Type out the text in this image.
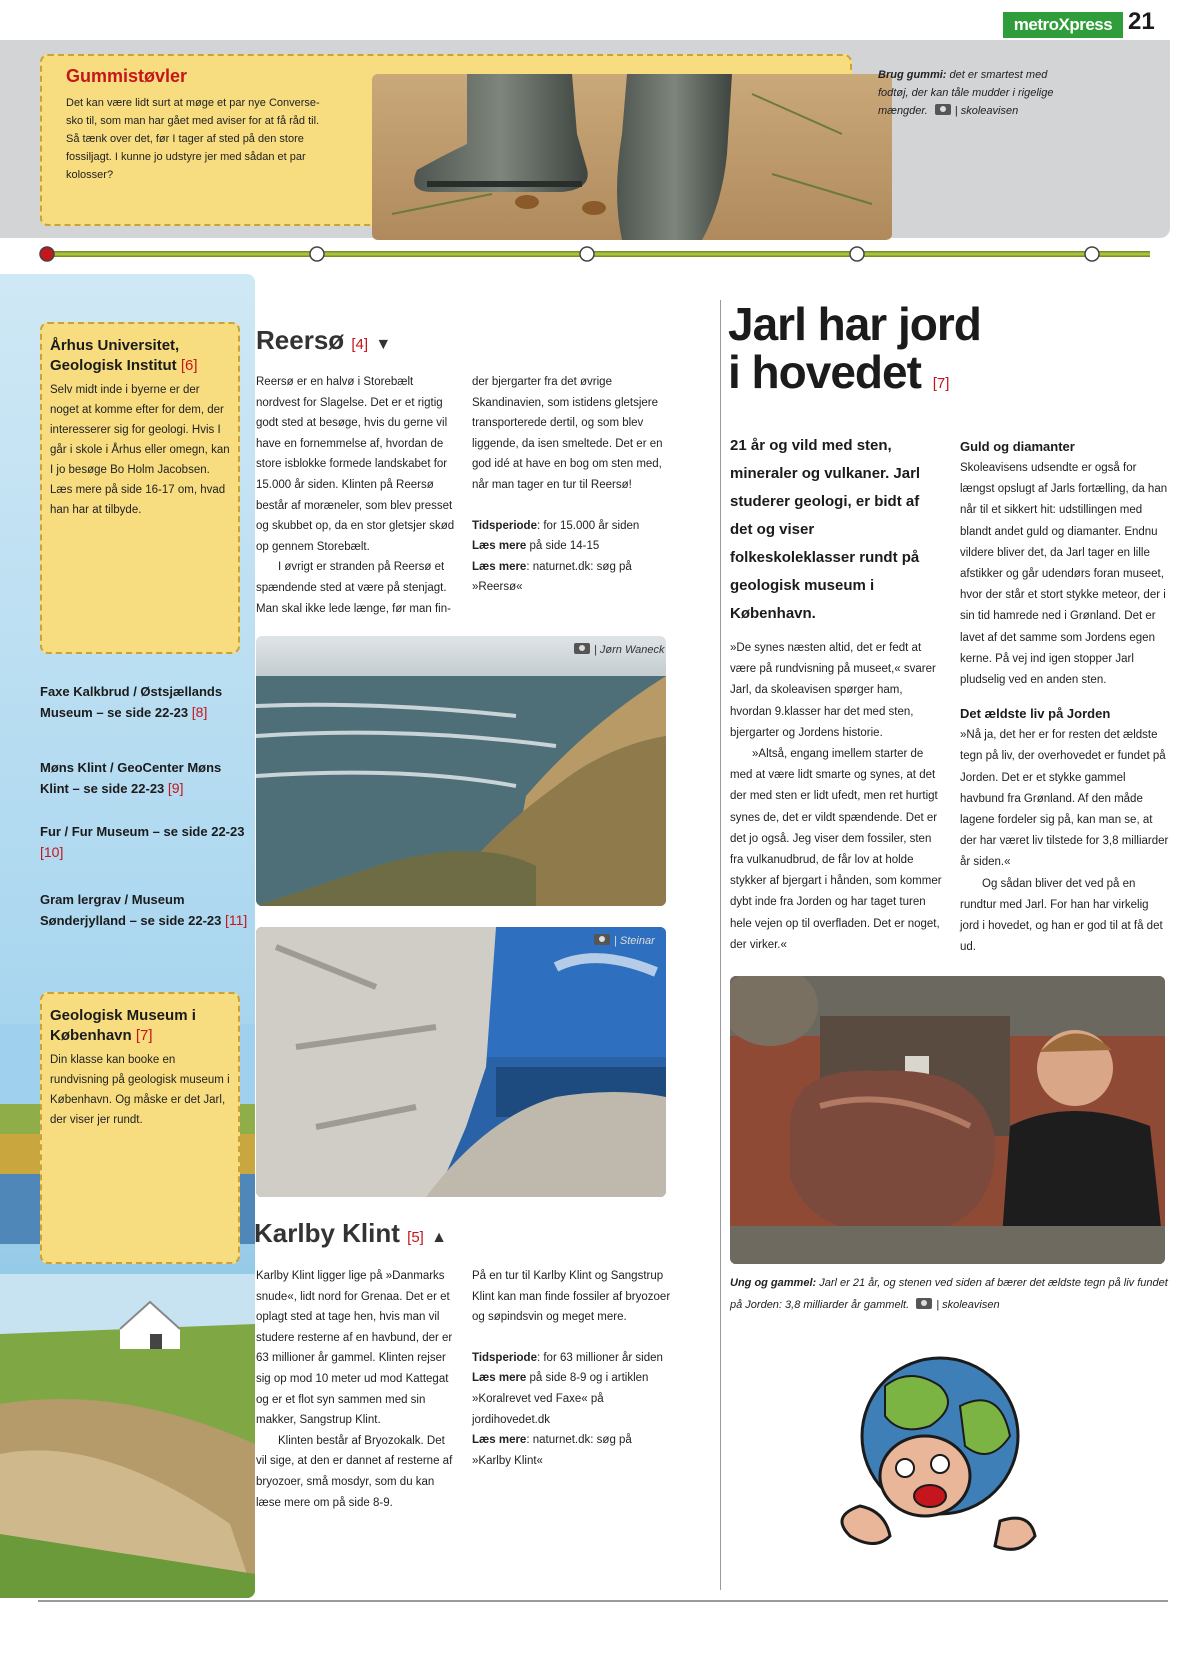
metroXpress 21
Gummistøvler
Det kan være lidt surt at møge et par nye Converse-sko til, som man har gået med aviser for at få råd til. Så tænk over det, før I tager af sted på den store fossiljagt. I kunne jo udstyre jer med sådan et par kolosser?
Brug gummi: det er smartest med fodtøj, der kan tåle mudder i rigelige mængder. | skoleavisen
Århus Universitet, Geologisk Institut [6]

Selv midt inde i byerne er der noget at komme efter for dem, der interesserer sig for geologi. Hvis I går i skole i Århus eller omegn, kan I jo besøge Bo Holm Jacobsen. Læs mere på side 16-17 om, hvad han har at tilbyde.

Faxe Kalkbrud / Østsjællands Museum – se side 22-23 [8]
Møns Klint / GeoCenter Møns Klint – se side 22-23 [9]
Fur / Fur Museum – se side 22-23 [10]
Gram lergrav / Museum Sønderjylland – se side 22-23 [11]
Geologisk Museum i København [7]

Din klasse kan booke en rundvisning på geologisk museum i København. Og måske er det Jarl, der viser jer rundt.

Reersø [4] ▼

Reersø er en halvø i Storebælt nordvest for Slagelse. Det er et rigtig godt sted at besøge, hvis du gerne vil have en fornemmelse af, hvordan de store isblokke formede landskabet for 15.000 år siden. Klinten på Reersø består af moræneler, som blev presset og skubbet op, da en stor gletsjer skød op gennem Storebælt.

I øvrigt er stranden på Reersø et spændende sted at være på stenjagt. Man skal ikke lede længe, før man fin-

der bjergarter fra det øvrige Skandinavien, som istidens gletsjere transporterede dertil, og som blev liggende, da isen smeltede. Det er en god idé at have en bog om sten med, når man tager en tur til Reersø!

Tidsperiode: for 15.000 år siden

Læs mere på side 14-15

Læs mere: naturnet.dk: søg på »Reersø«

| Jørn Waneck
| Steinar
Karlby Klint [5] ▲

Karlby Klint ligger lige på »Danmarks snude«, lidt nord for Grenaa. Det er et oplagt sted at tage hen, hvis man vil studere resterne af en havbund, der er 63 millioner år gammel. Klinten rejser sig op mod 10 meter ud mod Kattegat og er et flot syn sammen med sin makker, Sangstrup Klint.

Klinten består af Bryozokalk. Det vil sige, at den er dannet af resterne af bryozoer, små mosdyr, som du kan læse mere om på side 8-9.

På en tur til Karlby Klint og Sangstrup Klint kan man finde fossiler af bryozoer og søpindsvin og meget mere.

Tidsperiode: for 63 millioner år siden

Læs mere på side 8-9 og i artiklen »Koralrevet ved Faxe« på jordihovedet.dk

Læs mere: naturnet.dk: søg på »Karlby Klint«

Jarl har jord
i hovedet [7]
21 år og vild med sten, mineraler og vulkaner. Jarl studerer geologi, er bidt af det og viser folkeskoleklasser rundt på geologisk museum i København.

»De synes næsten altid, det er fedt at være på rundvisning på museet,« svarer Jarl, da skoleavisen spørger ham, hvordan 9.klasser har det med sten, bjergarter og Jordens historie.

»Altså, engang imellem starter de med at være lidt smarte og synes, at det der med sten er lidt ufedt, men ret hurtigt synes de, det er vildt spændende. Det er det jo også. Jeg viser dem fossiler, sten fra vulkanudbrud, de får lov at holde stykker af bjergart i hånden, som kommer dybt inde fra Jorden og har taget turen hele vejen op til overfladen. Det er noget, der virker.«

Guld og diamanter

Skoleavisens udsendte er også for længst opslugt af Jarls fortælling, da han når til et sikkert hit: udstillingen med blandt andet guld og diamanter. Endnu vildere bliver det, da Jarl tager en lille afstikker og går udendørs foran museet, hvor der står et stort stykke meteor, der i sin tid hamrede ned i Grønland. Det er lavet af det samme som Jordens egen kerne. På vej ind igen stopper Jarl pludselig ved en anden sten.

Det ældste liv på Jorden

»Nå ja, det her er for resten det ældste tegn på liv, der overhovedet er fundet på Jorden. Det er et stykke gammel havbund fra Grønland. Af den måde lagene fordeler sig på, kan man se, at der har været liv tilstede for 3,8 milliarder år siden.«

Og sådan bliver det ved på en rundtur med Jarl. For han har virkelig jord i hovedet, og han er god til at få det ud.

Ung og gammel: Jarl er 21 år, og stenen ved siden af bærer det ældste tegn på liv fundet på Jorden: 3,8 milliarder år gammelt. | skoleavisen
